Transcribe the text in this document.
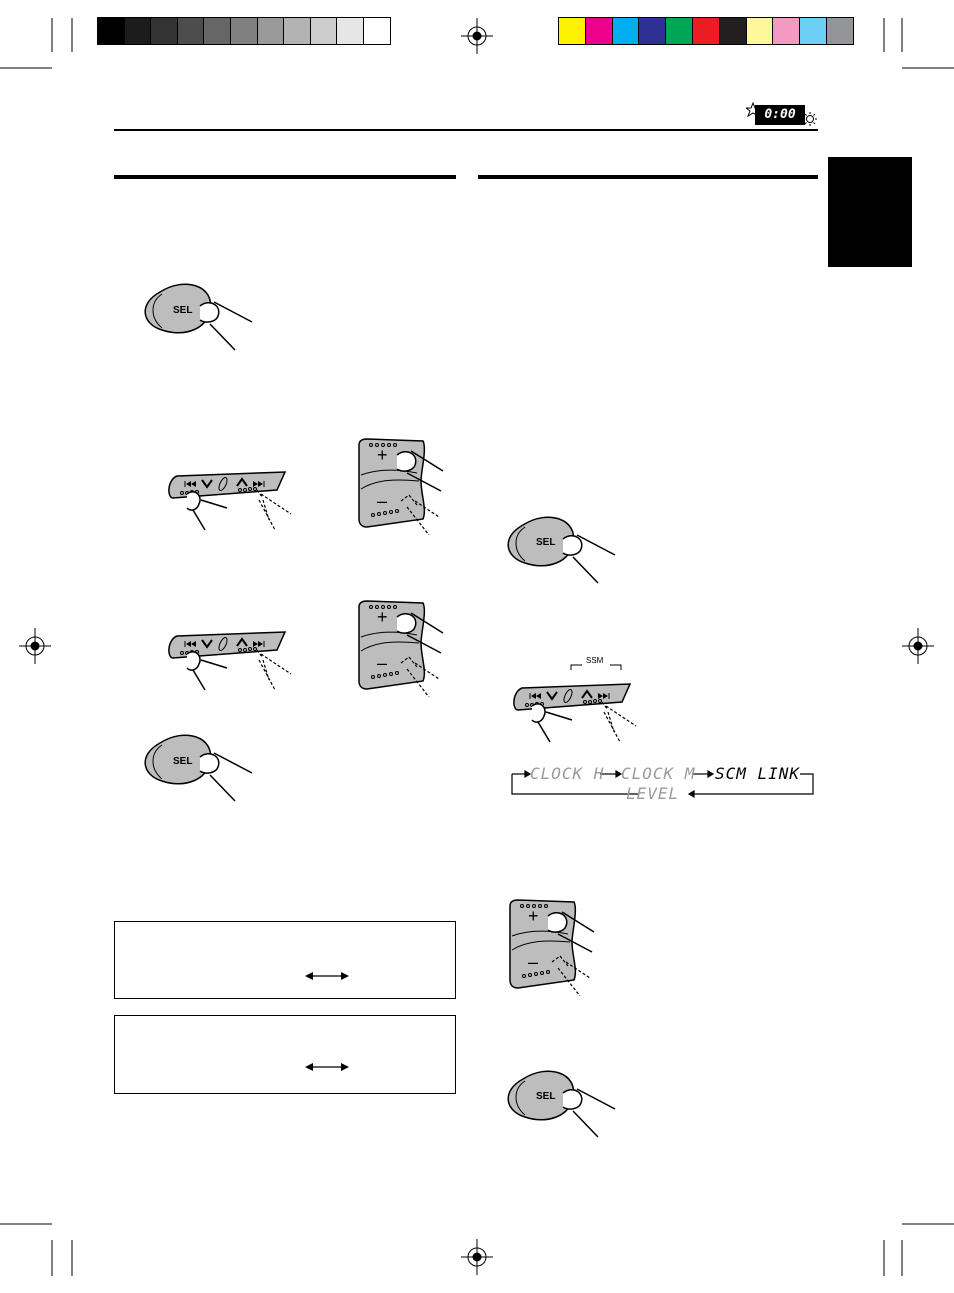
0:00
SEL
SEL
SEL
SEL
SSM
+
–
+
–
+
–
CLOCK H CLOCK M SCM LINK
LEVEL
